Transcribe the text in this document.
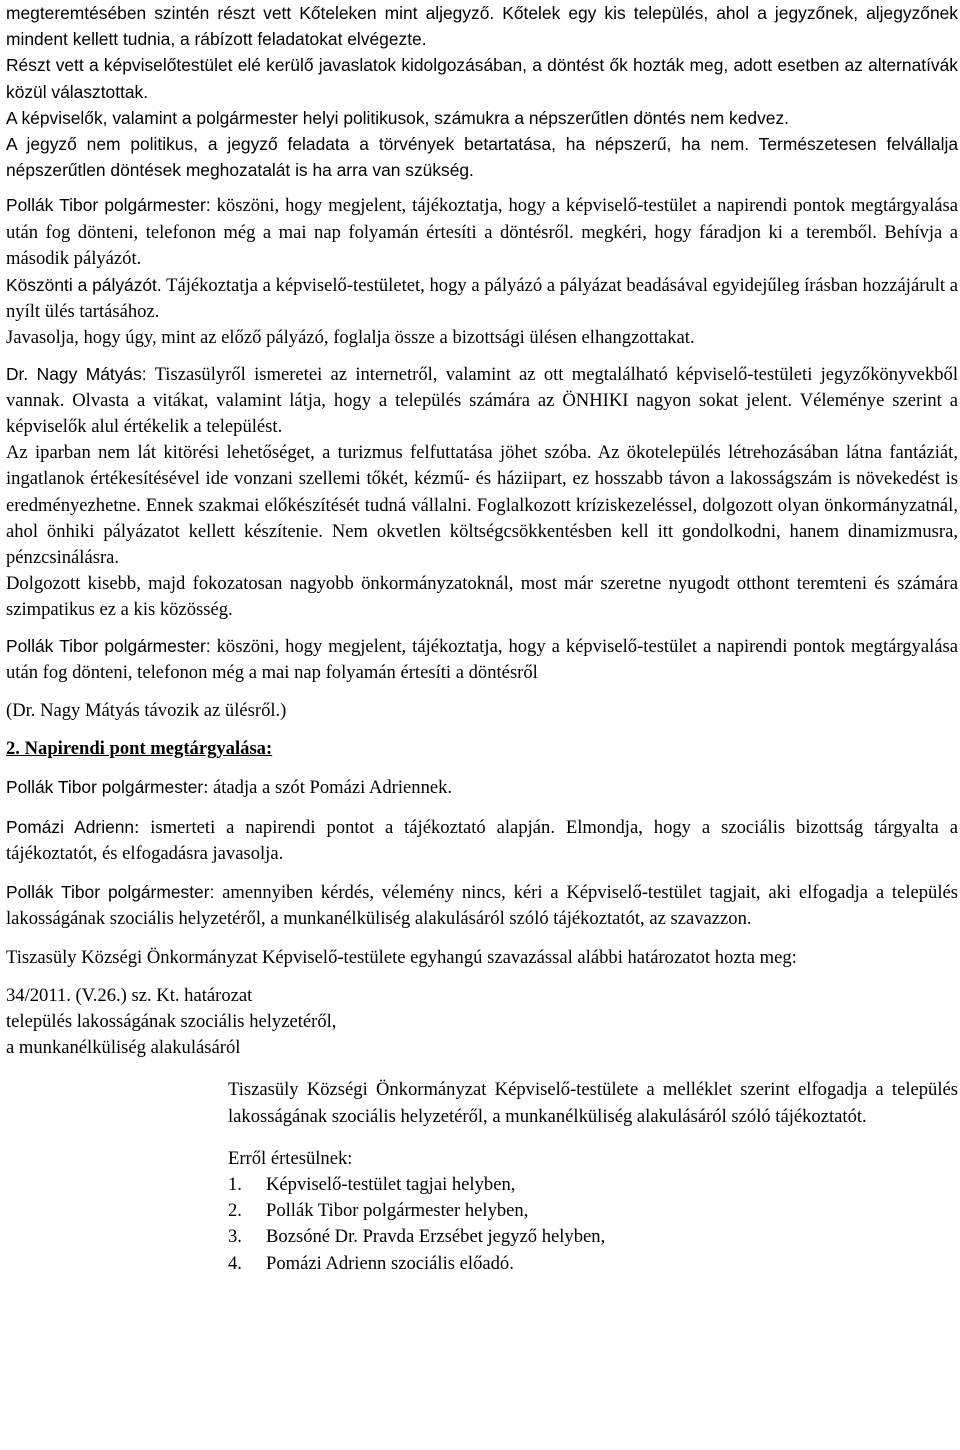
megteremtésében szintén részt vett Kőteleken mint aljegyző. Kőtelek egy kis település, ahol a jegyzőnek, aljegyzőnek mindent kellett tudnia, a rábízott feladatokat elvégezte.

Részt vett a képviselőtestület elé kerülő javaslatok kidolgozásában, a döntést ők hozták meg, adott esetben az alternatívák közül választottak.

A képviselők, valamint a polgármester helyi politikusok, számukra a népszerűtlen döntés nem kedvez.

A jegyző nem politikus, a jegyző feladata a törvények betartatása, ha népszerű, ha nem. Természetesen felvállalja népszerűtlen döntések meghozatalát is ha arra van szükség.

Pollák Tibor polgármester: köszöni, hogy megjelent, tájékoztatja, hogy a képviselő-testület a napirendi pontok megtárgyalása után fog dönteni, telefonon még a mai nap folyamán értesíti a döntésről. megkéri, hogy fáradjon ki a teremből. Behívja a második pályázót.

Köszönti a pályázót. Tájékoztatja a képviselő-testületet, hogy a pályázó a pályázat beadásával egyidejűleg írásban hozzájárult a nyílt ülés tartásához.

Javasolja, hogy úgy, mint az előző pályázó, foglalja össze a bizottsági ülésen elhangzottakat.

Dr. Nagy Mátyás: Tiszasülyről ismeretei az internetről, valamint az ott megtalálható képviselő-testületi jegyzőkönyvekből vannak. Olvasta a vitákat, valamint látja, hogy a település számára az ÖNHIKI nagyon sokat jelent. Véleménye szerint a képviselők alul értékelik a települést.

Az iparban nem lát kitörési lehetőséget, a turizmus felfuttatása jöhet szóba. Az ökotelepülés létrehozásában látna fantáziát, ingatlanok értékesítésével ide vonzani szellemi tőkét, kézmű- és háziipart, ez hosszabb távon a lakosságszám is növekedést is eredményezhetne. Ennek szakmai előkészítését tudná vállalni. Foglalkozott kríziskezeléssel, dolgozott olyan önkormányzatnál, ahol önhiki pályázatot kellett készítenie. Nem okvetlen költségcsökkentésben kell itt gondolkodni, hanem dinamizmusra, pénzcsinálásra.

Dolgozott kisebb, majd fokozatosan nagyobb önkormányzatoknál, most már szeretne nyugodt otthont teremteni és számára szimpatikus ez a kis közösség.

Pollák Tibor polgármester: köszöni, hogy megjelent, tájékoztatja, hogy a képviselő-testület a napirendi pontok megtárgyalása után fog dönteni, telefonon még a mai nap folyamán értesíti a döntésről

(Dr. Nagy Mátyás távozik az ülésről.)

2. Napirendi pont megtárgyalása:

Pollák Tibor polgármester: átadja a szót Pomázi Adriennek.

Pomázi Adrienn: ismerteti a napirendi pontot a tájékoztató alapján. Elmondja, hogy a szociális bizottság tárgyalta a tájékoztatót, és elfogadásra javasolja.

Pollák Tibor polgármester: amennyiben kérdés, vélemény nincs, kéri a Képviselő-testület tagjait, aki elfogadja a település lakosságának szociális helyzetéről, a munkanélküliség alakulásáról szóló tájékoztatót, az szavazzon.

Tiszasüly Községi Önkormányzat Képviselő-testülete egyhangú szavazással alábbi határozatot hozta meg:

34/2011. (V.26.) sz. Kt. határozat

település lakosságának szociális helyzetéről,

a munkanélküliség alakulásáról

Tiszasüly Községi Önkormányzat Képviselő-testülete a melléklet szerint elfogadja a település lakosságának szociális helyzetéről, a munkanélküliség alakulásáról szóló tájékoztatót.

Erről értesülnek:

1.	Képviselő-testület tagjai helyben,
2.	Pollák Tibor polgármester helyben,
3.	Bozsóné Dr. Pravda Erzsébet jegyző helyben,
4.	Pomázi Adrienn szociális előadó.
